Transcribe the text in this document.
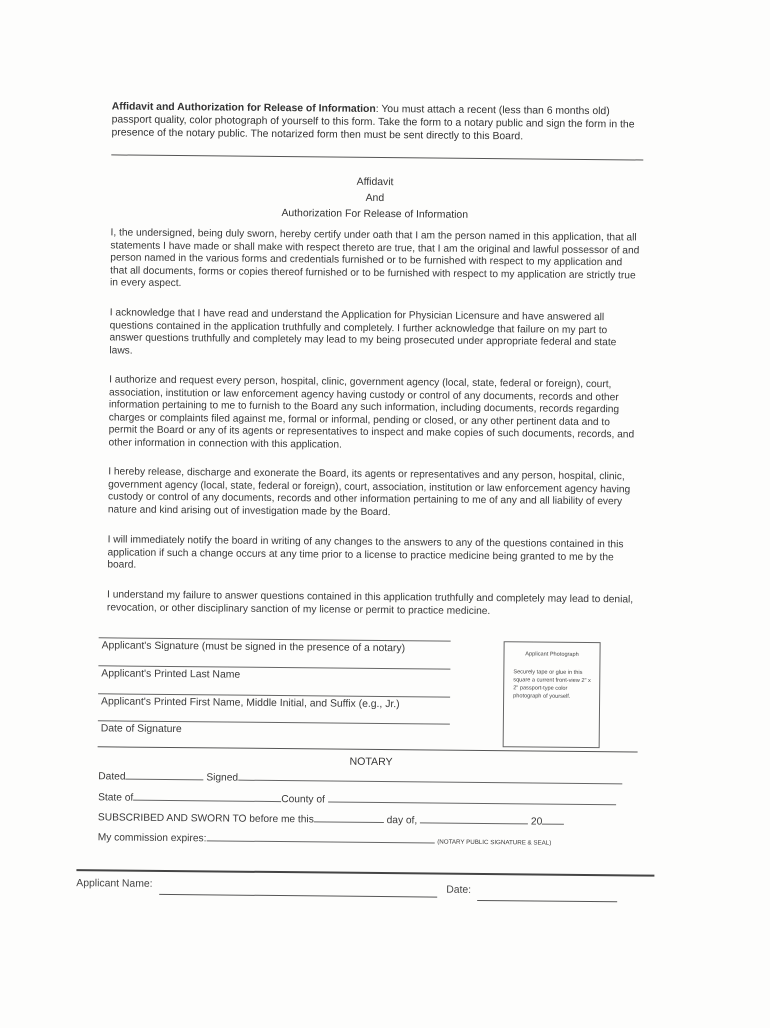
Affidavit and Authorization for Release of Information: You must attach a recent (less than 6 months old) passport quality, color photograph of yourself to this form. Take the form to a notary public and sign the form in the presence of the notary public. The notarized form then must be sent directly to this Board.
Affidavit
And
Authorization For Release of Information
I, the undersigned, being duly sworn, hereby certify under oath that I am the person named in this application, that all statements I have made or shall make with respect thereto are true, that I am the original and lawful possessor of and person named in the various forms and credentials furnished or to be furnished with respect to my application and that all documents, forms or copies thereof furnished or to be furnished with respect to my application are strictly true in every aspect.
I acknowledge that I have read and understand the Application for Physician Licensure and have answered all questions contained in the application truthfully and completely. I further acknowledge that failure on my part to answer questions truthfully and completely may lead to my being prosecuted under appropriate federal and state laws.
I authorize and request every person, hospital, clinic, government agency (local, state, federal or foreign), court, association, institution or law enforcement agency having custody or control of any documents, records and other information pertaining to me to furnish to the Board any such information, including documents, records regarding charges or complaints filed against me, formal or informal, pending or closed, or any other pertinent data and to permit the Board or any of its agents or representatives to inspect and make copies of such documents, records, and other information in connection with this application.
I hereby release, discharge and exonerate the Board, its agents or representatives and any person, hospital, clinic, government agency (local, state, federal or foreign), court, association, institution or law enforcement agency having custody or control of any documents, records and other information pertaining to me of any and all liability of every nature and kind arising out of investigation made by the Board.
I will immediately notify the board in writing of any changes to the answers to any of the questions contained in this application if such a change occurs at any time prior to a license to practice medicine being granted to me by the board.
I understand my failure to answer questions contained in this application truthfully and completely may lead to denial, revocation, or other disciplinary sanction of my license or permit to practice medicine.
Applicant's Signature (must be signed in the presence of a notary)
Applicant's Printed Last Name
Applicant's Printed First Name, Middle Initial, and Suffix (e.g., Jr.)
Date of Signature
Applicant Photograph
Securely tape or glue in this square a current front-view 2" x 2" passport-type color photograph of yourself.
NOTARY
Dated	Signed
State of	County of
SUBSCRIBED AND SWORN TO before me this	day of,	20
My commission expires:	(NOTARY PUBLIC SIGNATURE & SEAL)
Applicant Name:
Date:
